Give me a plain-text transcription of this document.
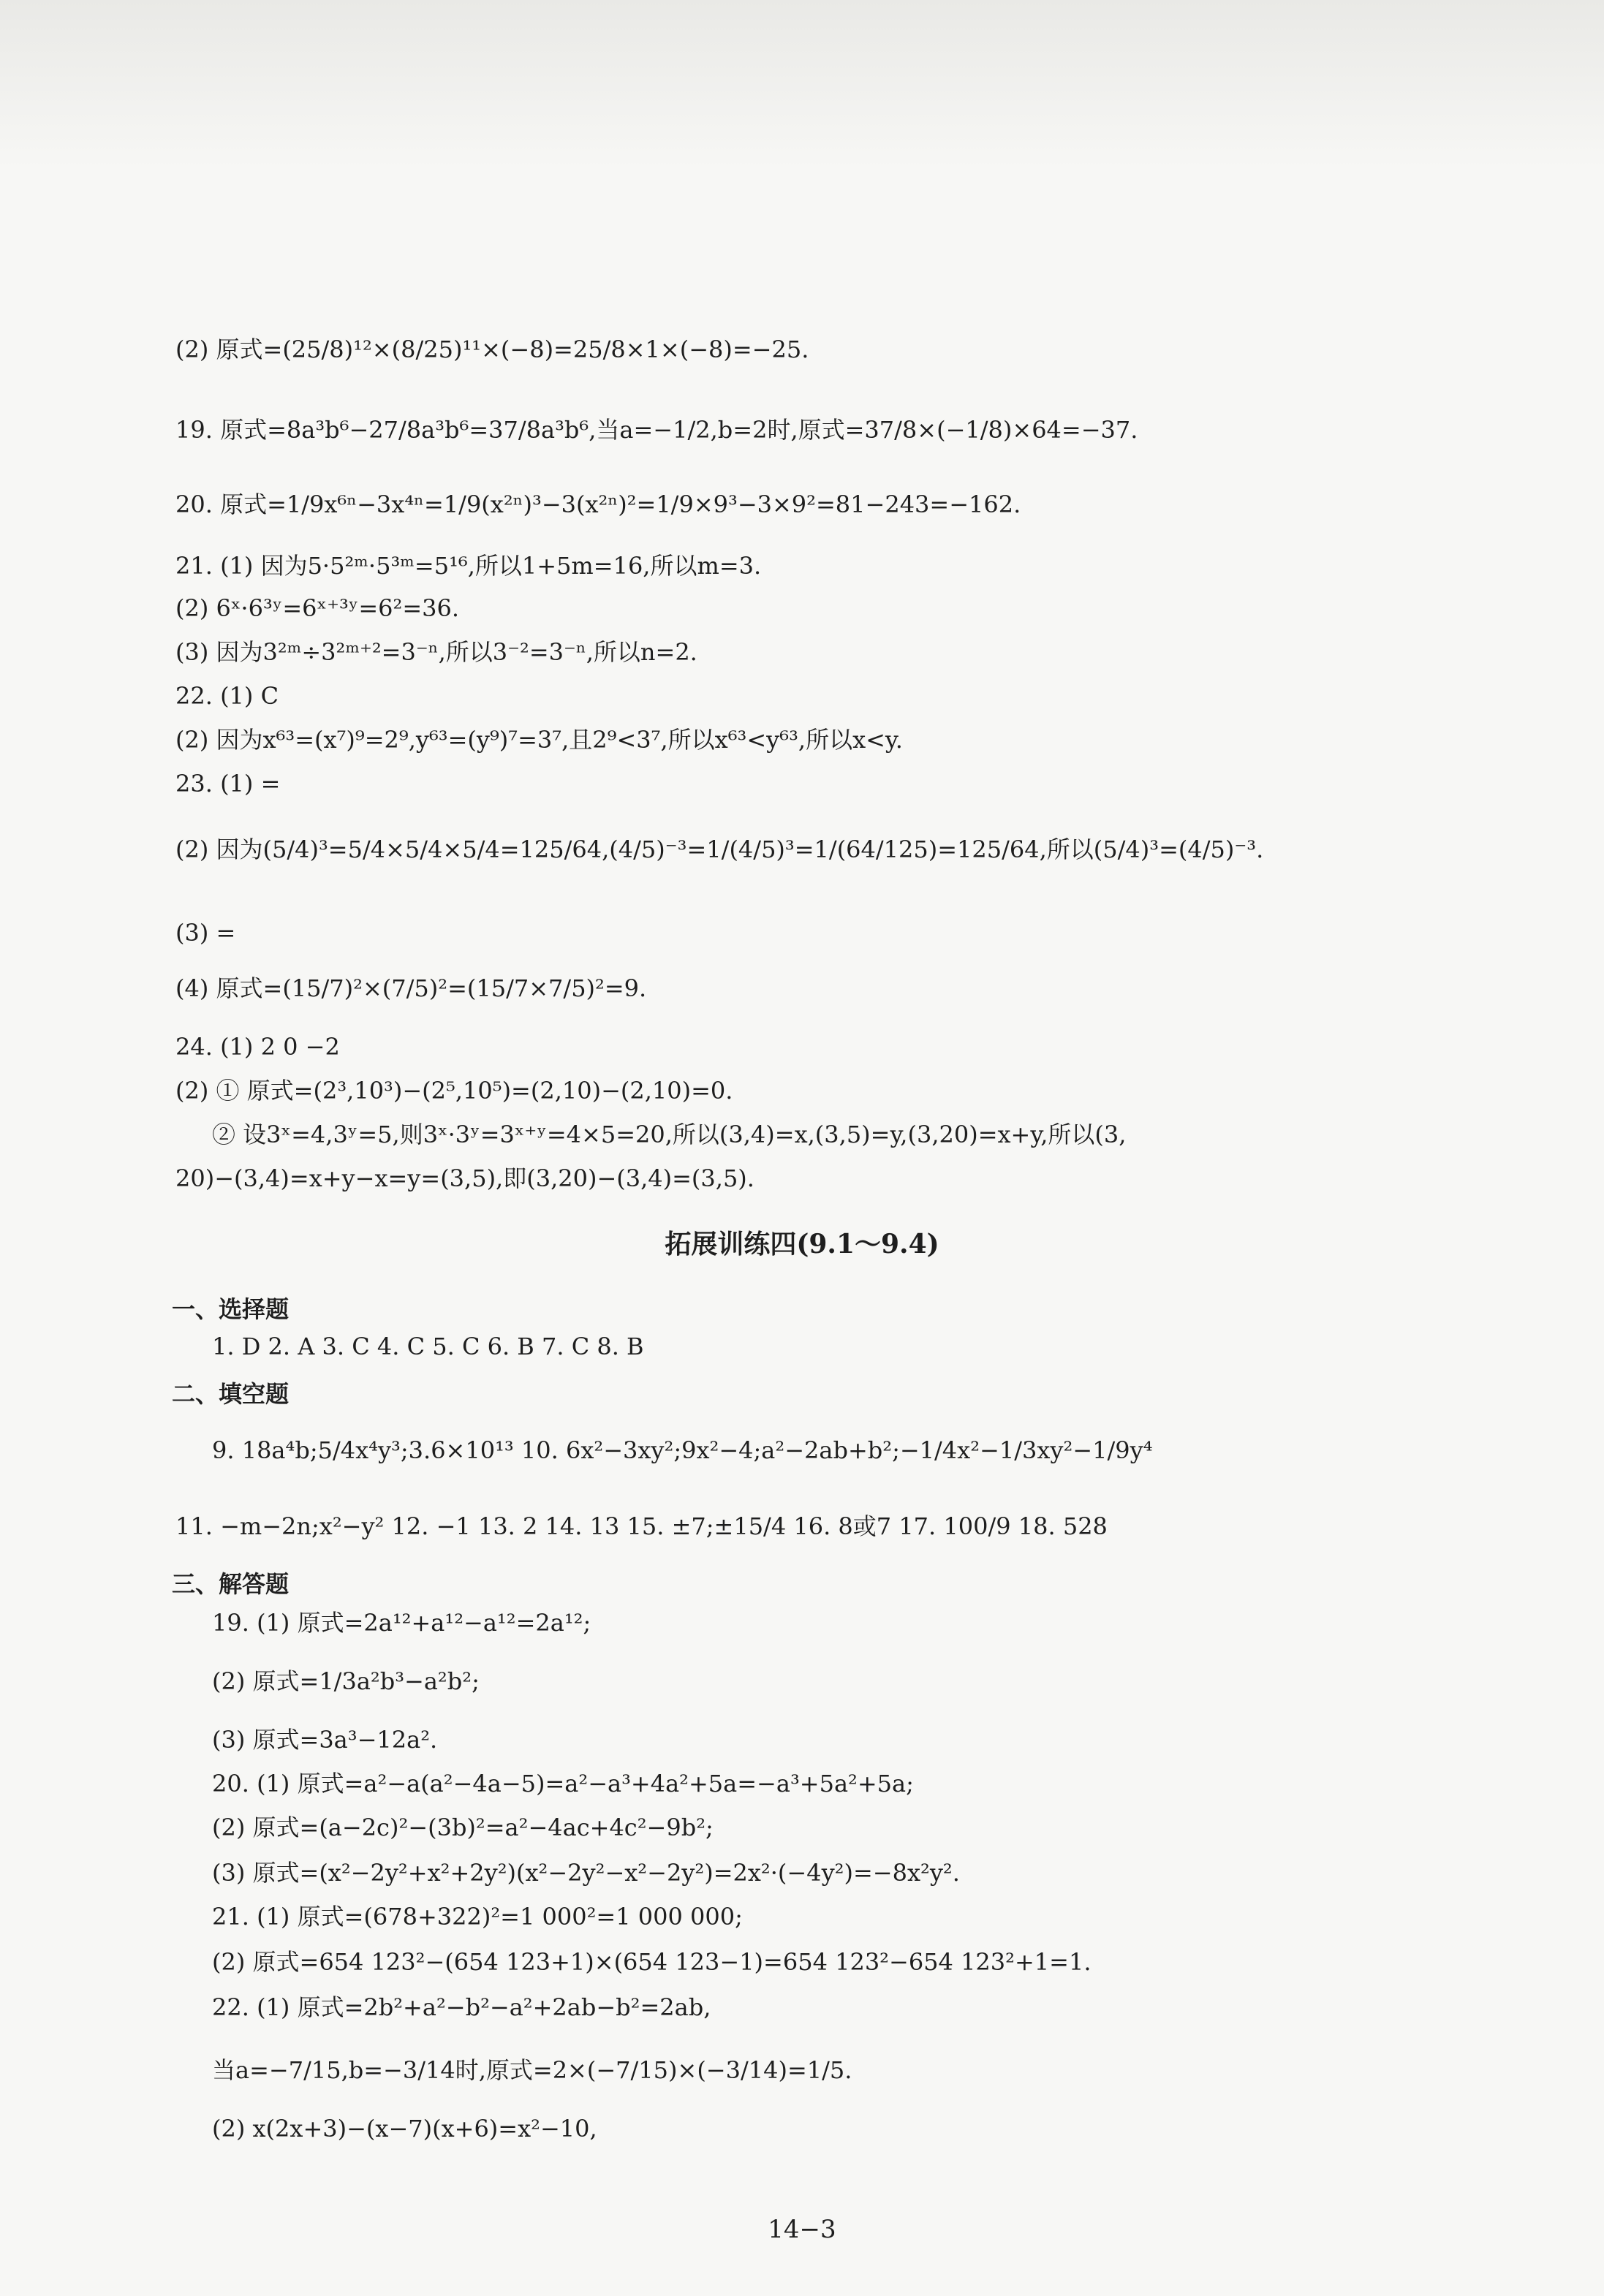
(2) 原式=(25/8)¹²×(8/25)¹¹×(−8)=25/8×1×(−8)=−25.
19. 原式=8a³b⁶−27/8a³b⁶=37/8a³b⁶,当a=−1/2,b=2时,原式=37/8×(−1/8)×64=−37.
20. 原式=1/9x⁶ⁿ−3x⁴ⁿ=1/9(x²ⁿ)³−3(x²ⁿ)²=1/9×9³−3×9²=81−243=−162.
21. (1) 因为5·5²ᵐ·5³ᵐ=5¹⁶,所以1+5m=16,所以m=3.
(2) 6ˣ·6³ʸ=6ˣ⁺³ʸ=6²=36.
(3) 因为3²ᵐ÷3²ᵐ⁺²=3⁻ⁿ,所以3⁻²=3⁻ⁿ,所以n=2.
22. (1) C
(2) 因为x⁶³=(x⁷)⁹=2⁹,y⁶³=(y⁹)⁷=3⁷,且2⁹<3⁷,所以x⁶³<y⁶³,所以x<y.
23. (1) =
(2) 因为(5/4)³=5/4×5/4×5/4=125/64,(4/5)⁻³=1/(4/5)³=1/(64/125)=125/64,所以(5/4)³=(4/5)⁻³.
(3) =
(4) 原式=(15/7)²×(7/5)²=(15/7×7/5)²=9.
24. (1) 2 0 −2
(2) ① 原式=(2³,10³)−(2⁵,10⁵)=(2,10)−(2,10)=0.
② 设3ˣ=4,3ʸ=5,则3ˣ·3ʸ=3ˣ⁺ʸ=4×5=20,所以(3,4)=x,(3,5)=y,(3,20)=x+y,所以(3,
20)−(3,4)=x+y−x=y=(3,5),即(3,20)−(3,4)=(3,5).
拓展训练四(9.1～9.4)
一、选择题
1. D 2. A 3. C 4. C 5. C 6. B 7. C 8. B
二、填空题
9. 18a⁴b;5/4x⁴y³;3.6×10¹³ 10. 6x²−3xy²;9x²−4;a²−2ab+b²;−1/4x²−1/3xy²−1/9y⁴
11. −m−2n;x²−y² 12. −1 13. 2 14. 13 15. ±7;±15/4 16. 8或7 17. 100/9 18. 528
三、解答题
19. (1) 原式=2a¹²+a¹²−a¹²=2a¹²;
(2) 原式=1/3a²b³−a²b²;
(3) 原式=3a³−12a².
20. (1) 原式=a²−a(a²−4a−5)=a²−a³+4a²+5a=−a³+5a²+5a;
(2) 原式=(a−2c)²−(3b)²=a²−4ac+4c²−9b²;
(3) 原式=(x²−2y²+x²+2y²)(x²−2y²−x²−2y²)=2x²·(−4y²)=−8x²y².
21. (1) 原式=(678+322)²=1 000²=1 000 000;
(2) 原式=654 123²−(654 123+1)×(654 123−1)=654 123²−654 123²+1=1.
22. (1) 原式=2b²+a²−b²−a²+2ab−b²=2ab,
当a=−7/15,b=−3/14时,原式=2×(−7/15)×(−3/14)=1/5.
(2) x(2x+3)−(x−7)(x+6)=x²−10,
14−3
